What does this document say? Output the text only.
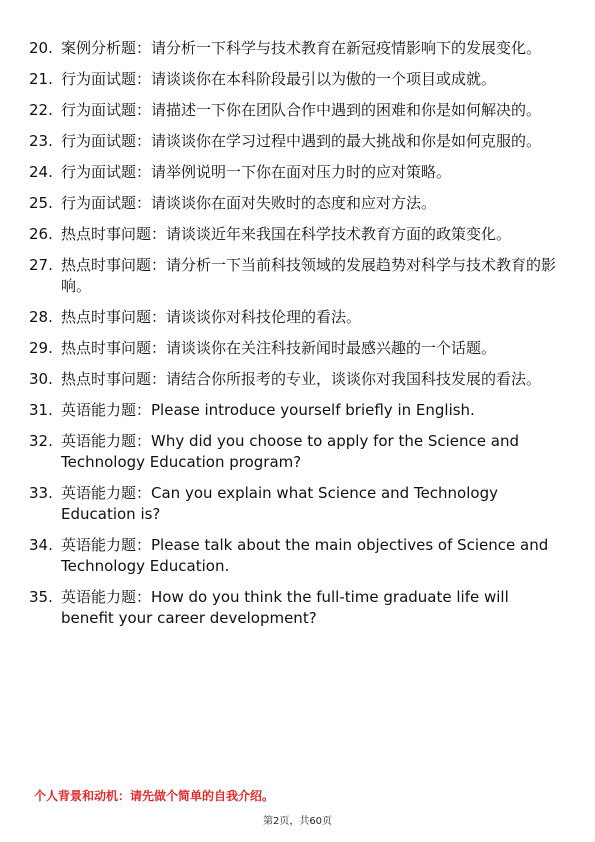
20. 案例分析题：请分析一下科学与技术教育在新冠疫情影响下的发展变化。
21. 行为面试题：请谈谈你在本科阶段最引以为傲的一个项目或成就。
22. 行为面试题：请描述一下你在团队合作中遇到的困难和你是如何解决的。
23. 行为面试题：请谈谈你在学习过程中遇到的最大挑战和你是如何克服的。
24. 行为面试题：请举例说明一下你在面对压力时的应对策略。
25. 行为面试题：请谈谈你在面对失败时的态度和应对方法。
26. 热点时事问题：请谈谈近年来我国在科学技术教育方面的政策变化。
27. 热点时事问题：请分析一下当前科技领域的发展趋势对科学与技术教育的影响。
28. 热点时事问题：请谈谈你对科技伦理的看法。
29. 热点时事问题：请谈谈你在关注科技新闻时最感兴趣的一个话题。
30. 热点时事问题：请结合你所报考的专业，谈谈你对我国科技发展的看法。
31. 英语能力题：Please introduce yourself briefly in English.
32. 英语能力题：Why did you choose to apply for the Science and Technology Education program?
33. 英语能力题：Can you explain what Science and Technology Education is?
34. 英语能力题：Please talk about the main objectives of Science and Technology Education.
35. 英语能力题：How do you think the full-time graduate life will benefit your career development?

个人背景和动机：请先做个简单的自我介绍。

第2页，共60页
